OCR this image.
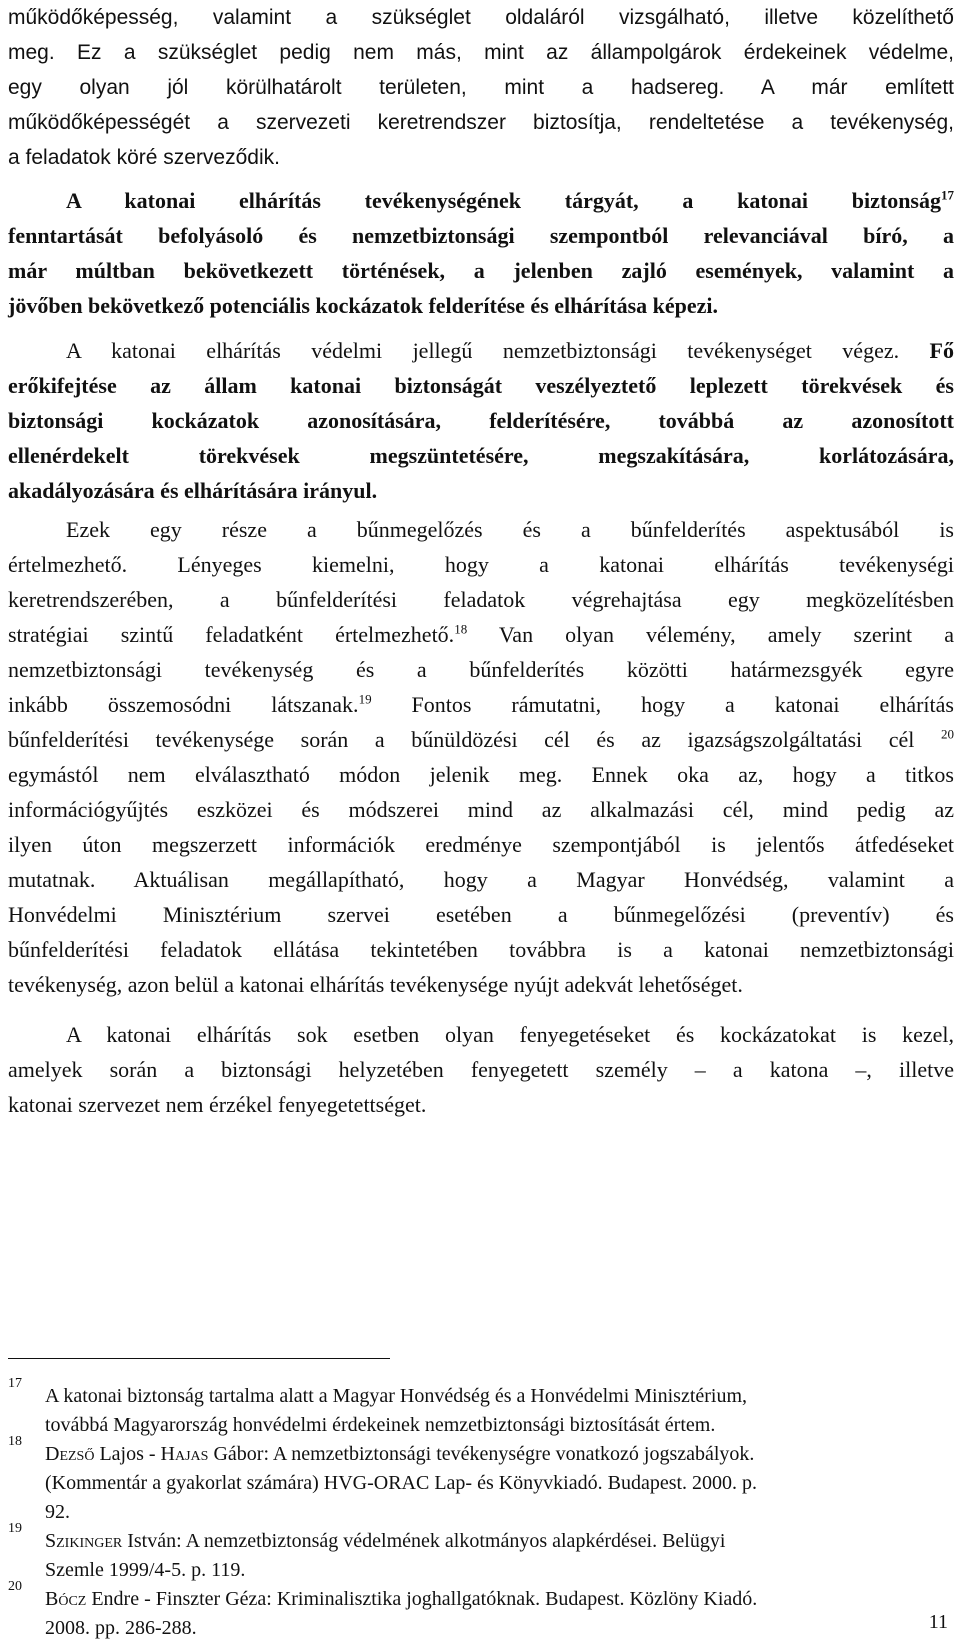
működőképesség, valamint a szükséglet oldaláról vizsgálható, illetve közelíthető
meg. Ez a szükséglet pedig nem más, mint az állampolgárok érdekeinek védelme,
egy olyan jól körülhatárolt területen, mint a hadsereg. A már említett
működőképességét a szervezeti keretrendszer biztosítja, rendeltetése a tevékenység,
a feladatok köré szerveződik.
A katonai elhárítás tevékenységének tárgyát, a katonai biztonság$^{17}$
fenntartását befolyásoló és nemzetbiztonsági szempontból relevanciával bíró, a
már múltban bekövetkezett történések, a jelenben zajló események, valamint a
jövőben bekövetkező potenciális kockázatok felderítése és elhárítása képezi.
A katonai elhárítás védelmi jellegű nemzetbiztonsági tevékenységet végez. Fő
erőkifejtése az állam katonai biztonságát veszélyeztető leplezett törekvések és
biztonsági kockázatok azonosítására, felderítésére, továbbá az azonosított
ellenérdekelt törekvések megszüntetésére, megszakítására, korlátozására,
akadályozására és elhárítására irányul.
Ezek egy része a bűnmegelőzés és a bűnfelderítés aspektusából is
értelmezhető. Lényeges kiemelni, hogy a katonai elhárítás tevékenységi
keretrendszerében, a bűnfelderítési feladatok végrehajtása egy megközelítésben
stratégiai szintű feladatként értelmezhető.$^{18}$ Van olyan vélemény, amely szerint a
nemzetbiztonsági tevékenység és a bűnfelderítés közötti határmezsgyék egyre
inkább összemosódni látszanak.$^{19}$ Fontos rámutatni, hogy a katonai elhárítás
bűnfelderítési tevékenysége során a bűnüldözési cél és az igazságszolgáltatási cél $^{20}$
egymástól nem elválasztható módon jelenik meg. Ennek oka az, hogy a titkos
információgyűjtés eszközei és módszerei mind az alkalmazási cél, mind pedig az
ilyen úton megszerzett információk eredménye szempontjából is jelentős átfedéseket
mutatnak. Aktuálisan megállapítható, hogy a Magyar Honvédség, valamint a
Honvédelmi Minisztérium szervei esetében a bűnmegelőzési (preventív) és
bűnfelderítési feladatok ellátása tekintetében továbbra is a katonai nemzetbiztonsági
tevékenység, azon belül a katonai elhárítás tevékenysége nyújt adekvát lehetőséget.
A katonai elhárítás sok esetben olyan fenyegetéseket és kockázatokat is kezel,
amelyek során a biztonsági helyzetében fenyegetett személy – a katona –, illetve
katonai szervezet nem érzékel fenyegetettséget.
17
A katonai biztonság tartalma alatt a Magyar Honvédség és a Honvédelmi Minisztérium,
továbbá Magyarország honvédelmi érdekeinek nemzetbiztonsági biztosítását értem.
18
Dezső Lajos - Hajas Gábor: A nemzetbiztonsági tevékenységre vonatkozó jogszabályok.
(Kommentár a gyakorlat számára) HVG-ORAC Lap- és Könyvkiadó. Budapest. 2000. p.
92.
19
Szikinger István: A nemzetbiztonság védelmének alkotmányos alapkérdései. Belügyi
Szemle 1999/4-5. p. 119.
20
Bócz Endre - Finszter Géza: Kriminalisztika joghallgatóknak. Budapest. Közlöny Kiadó.
2008. pp. 286-288.	11
